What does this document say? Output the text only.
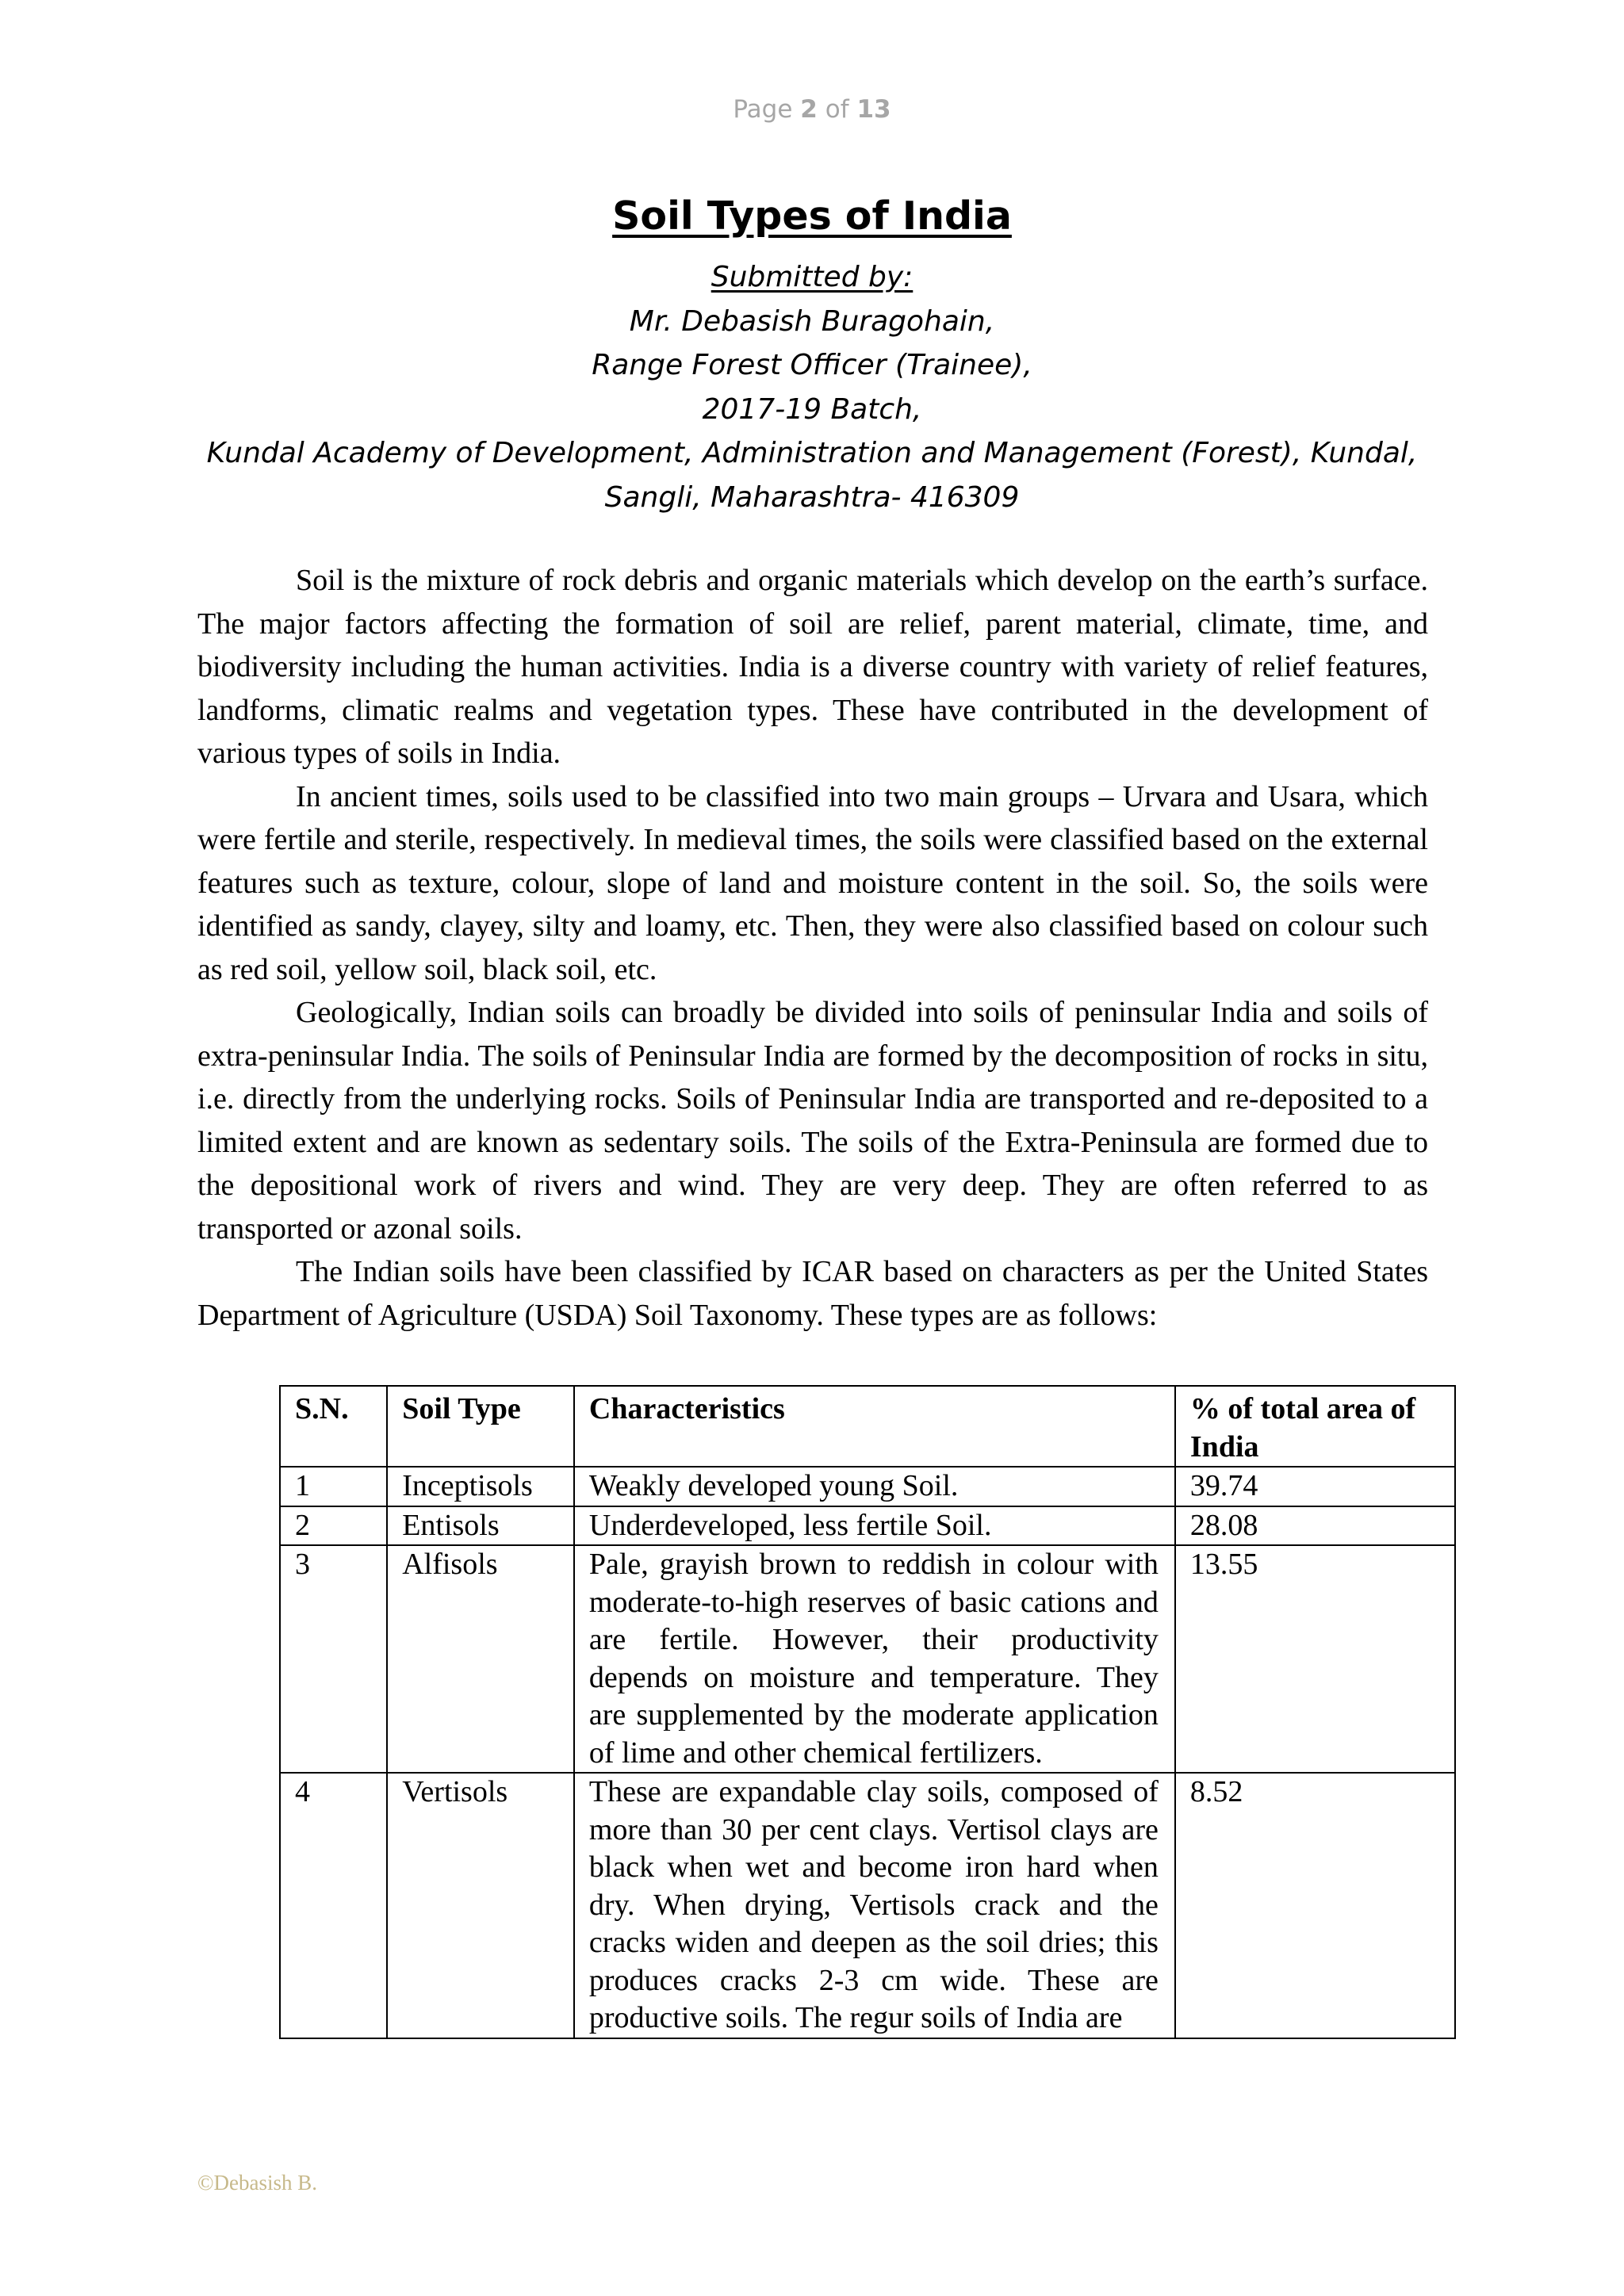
Page 2 of 13
Soil Types of India
Submitted by:
Mr. Debasish Buragohain,
Range Forest Officer (Trainee),
2017-19 Batch,
Kundal Academy of Development, Administration and Management (Forest), Kundal,
Sangli, Maharashtra- 416309

Soil is the mixture of rock debris and organic materials which develop on the earth’s surface. The major factors affecting the formation of soil are relief, parent material, climate, time, and biodiversity including the human activities. India is a diverse country with variety of relief features, landforms, climatic realms and vegetation types. These have contributed in the development of various types of soils in India.

In ancient times, soils used to be classified into two main groups – Urvara and Usara, which were fertile and sterile, respectively. In medieval times, the soils were classified based on the external features such as texture, colour, slope of land and moisture content in the soil. So, the soils were identified as sandy, clayey, silty and loamy, etc. Then, they were also classified based on colour such as red soil, yellow soil, black soil, etc.

Geologically, Indian soils can broadly be divided into soils of peninsular India and soils of extra-peninsular India. The soils of Peninsular India are formed by the decomposition of rocks in situ, i.e. directly from the underlying rocks. Soils of Peninsular India are transported and re-deposited to a limited extent and are known as sedentary soils. The soils of the Extra-Peninsula are formed due to the depositional work of rivers and wind. They are very deep. They are often referred to as transported or azonal soils.

The Indian soils have been classified by ICAR based on characters as per the United States Department of Agriculture (USDA) Soil Taxonomy. These types are as follows:

S.N.	Soil Type	Characteristics	% of total area of India
1	Inceptisols	Weakly developed young Soil.	39.74
2	Entisols	Underdeveloped, less fertile Soil.	28.08
3	Alfisols	Pale, grayish brown to reddish in colour with moderate-to-high reserves of basic cations and are fertile. However, their productivity depends on moisture and temperature. They are supplemented by the moderate application of lime and other chemical fertilizers.	13.55
4	Vertisols	These are expandable clay soils, composed of more than 30 per cent clays. Vertisol clays are black when wet and become iron hard when dry. When drying, Vertisols crack and the cracks widen and deepen as the soil dries; this produces cracks 2-3 cm wide. These are productive soils. The regur soils of India are	8.52
©Debasish B.
